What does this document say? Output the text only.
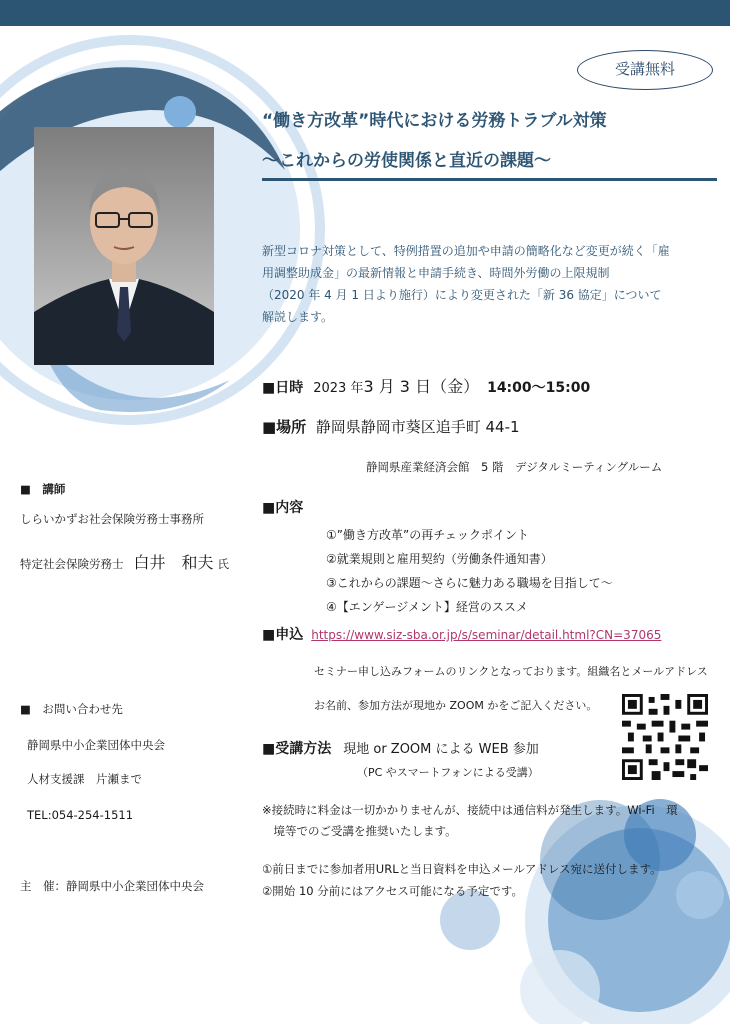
受講無料
“働き方改革”時代における労務トラブル対策
〜これからの労使関係と直近の課題〜
新型コロナ対策として、特例措置の追加や申請の簡略化など変更が続く「雇
用調整助成金」の最新情報と申請手続き、時間外労働の上限規制
（2020 年 4 月 1 日より施行）により変更された「新 36 協定」について
解説します。
■日時 2023 年3 月 3 日（金） 14:00〜15:00
■場所 静岡県静岡市葵区追手町 44-1
静岡県産業経済会館　5 階　デジタルミーティングルーム
■内容
①”働き方改革”の再チェックポイント
②就業規則と雇用契約（労働条件通知書）
③これからの課題〜さらに魅力ある職場を目指して〜
④【エンゲージメント】経営のススメ
■申込 https://www.siz-sba.or.jp/s/seminar/detail.html?CN=37065
セミナー申し込みフォームのリンクとなっております。組織名とメールアドレス
お名前、参加方法が現地か ZOOM かをご記入ください。
■受講方法 現地 or ZOOM による WEB 参加
（PC やスマートフォンによる受講）
※接続時に料金は一切かかりませんが、接続中は通信料が発生します。Wi-Fi　環
　境等でのご受講を推奨いたします。
①前日までに参加者用URLと当日資料を申込メールアドレス宛に送付します。
②開始 10 分前にはアクセス可能になる予定です。
■　講師
しらいかずお社会保険労務士事務所
特定社会保険労務士 白井　和夫 氏
■　お問い合わせ先
静岡県中小企業団体中央会
人材支援課　片瀬まで
TEL:054-254-1511
主　催：静岡県中小企業団体中央会
